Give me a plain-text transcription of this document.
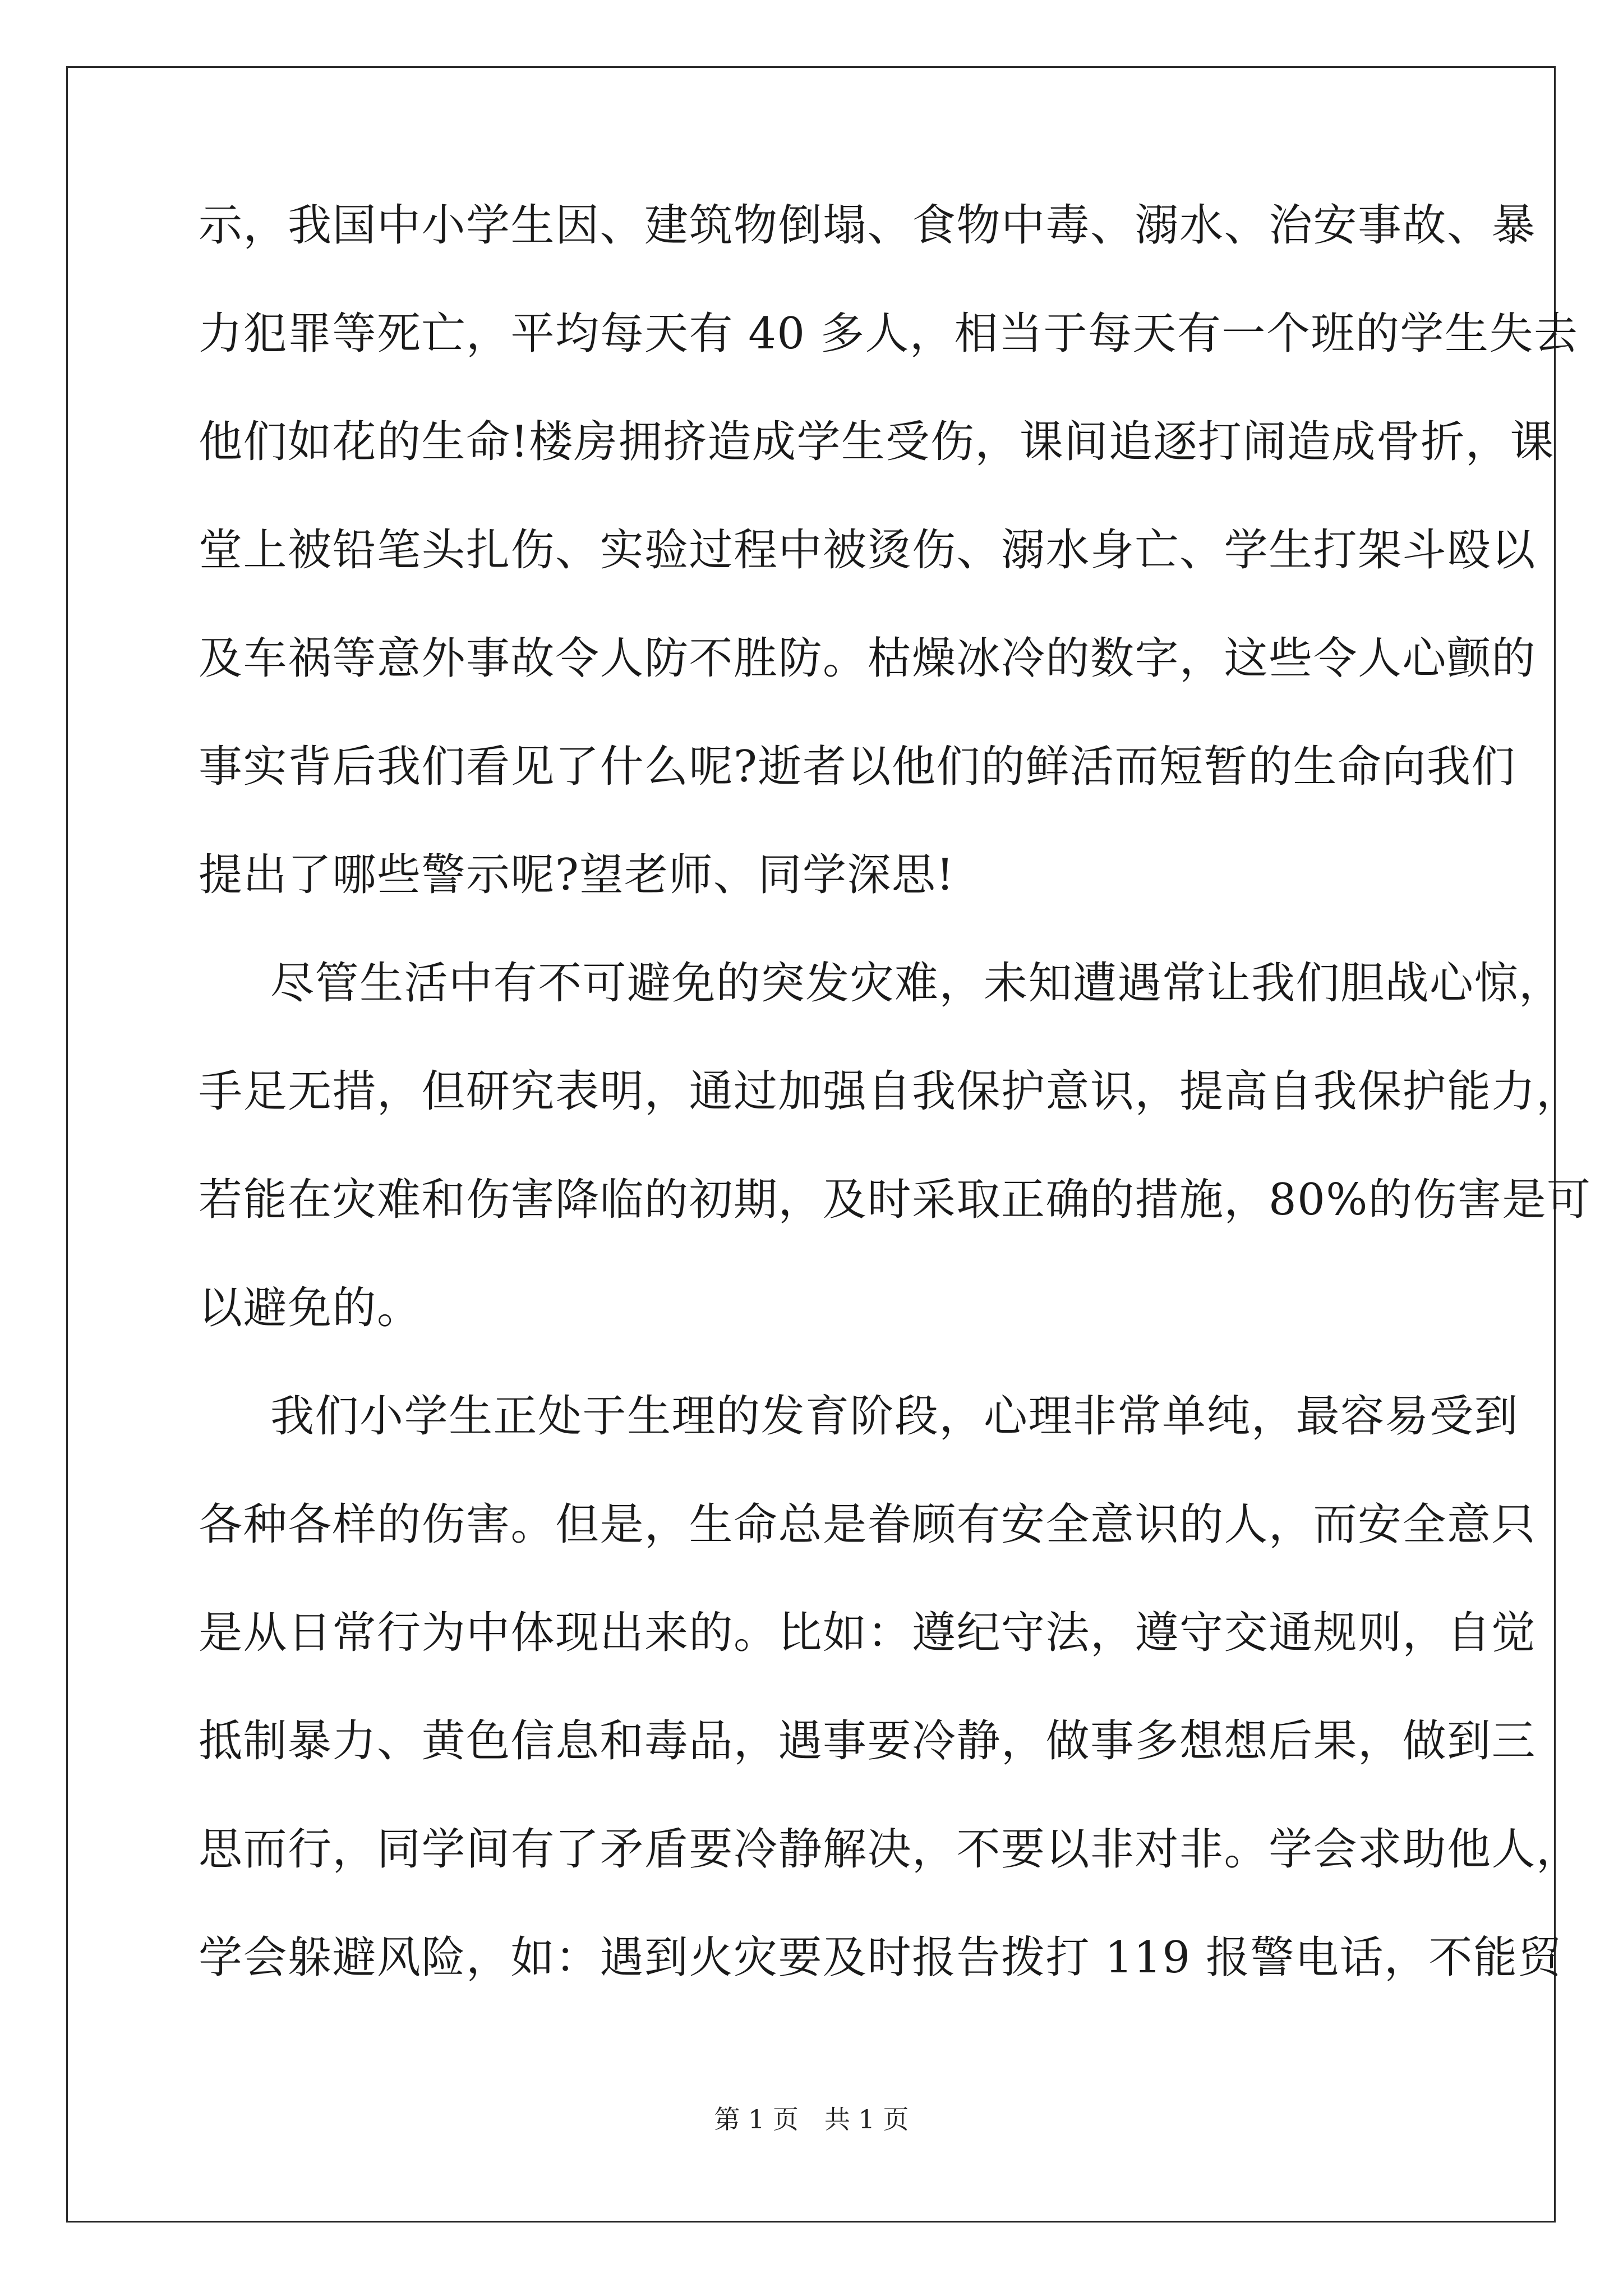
示，我国中小学生因、建筑物倒塌、食物中毒、溺水、治安事故、暴
力犯罪等死亡，平均每天有 40 多人，相当于每天有一个班的学生失去
他们如花的生命!楼房拥挤造成学生受伤，课间追逐打闹造成骨折，课
堂上被铅笔头扎伤、实验过程中被烫伤、溺水身亡、学生打架斗殴以
及车祸等意外事故令人防不胜防。枯燥冰冷的数字，这些令人心颤的
事实背后我们看见了什么呢?逝者以他们的鲜活而短暂的生命向我们
提出了哪些警示呢?望老师、同学深思!
尽管生活中有不可避免的突发灾难，未知遭遇常让我们胆战心惊，
手足无措，但研究表明，通过加强自我保护意识，提高自我保护能力，
若能在灾难和伤害降临的初期，及时采取正确的措施，80%的伤害是可
以避免的。
我们小学生正处于生理的发育阶段，心理非常单纯，最容易受到
各种各样的伤害。但是，生命总是眷顾有安全意识的人，而安全意只
是从日常行为中体现出来的。比如：遵纪守法，遵守交通规则，自觉
抵制暴力、黄色信息和毒品，遇事要冷静，做事多想想后果，做到三
思而行，同学间有了矛盾要冷静解决，不要以非对非。学会求助他人，
学会躲避风险，如：遇到火灾要及时报告拨打 119 报警电话，不能贸
第 1 页　共 1 页
